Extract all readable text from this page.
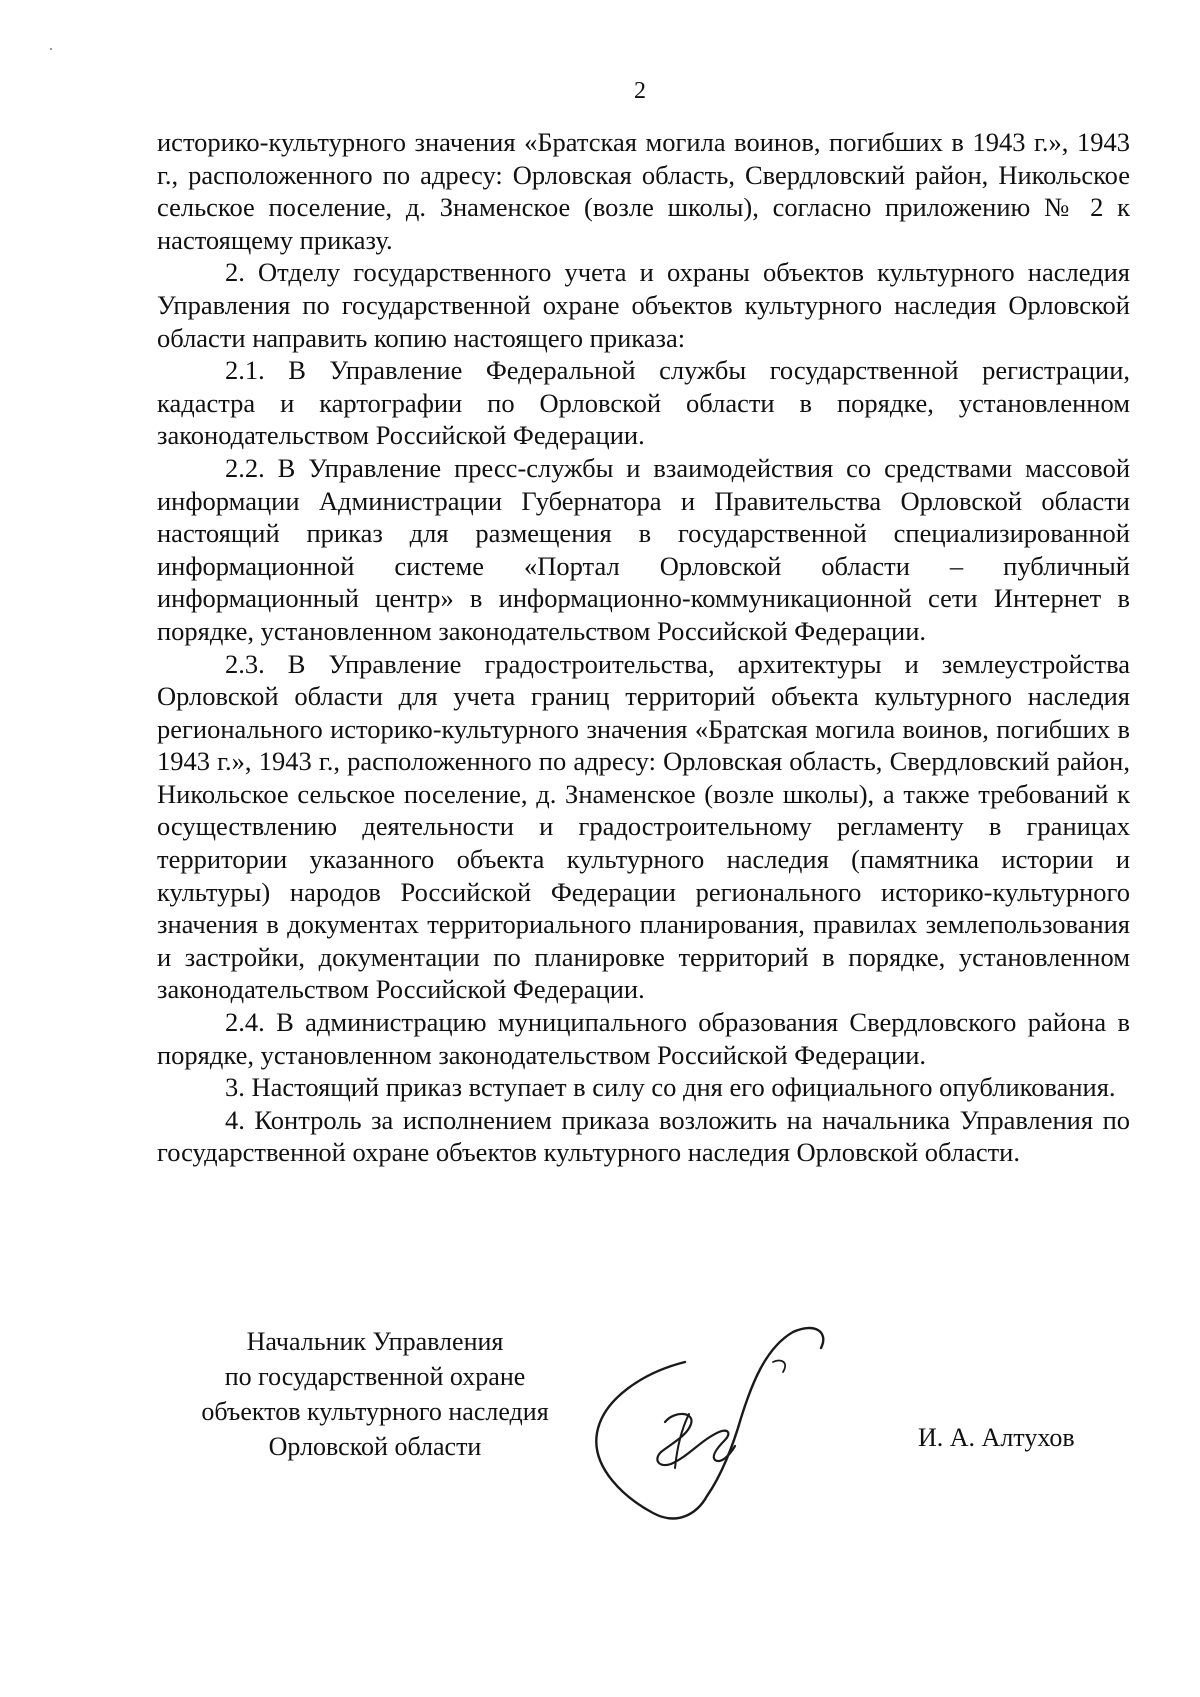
2

историко-культурного значения «Братская могила воинов, погибших в 1943 г.», 1943 г., расположенного по адресу: Орловская область, Свердловский район, Никольское сельское поселение, д. Знаменское (возле школы), согласно приложению № 2 к настоящему приказу.

2. Отделу государственного учета и охраны объектов культурного наследия Управления по государственной охране объектов культурного наследия Орловской области направить копию настоящего приказа:

2.1. В Управление Федеральной службы государственной регистрации, кадастра и картографии по Орловской области в порядке, установленном законодательством Российской Федерации.

2.2. В Управление пресс-службы и взаимодействия со средствами массовой информации Администрации Губернатора и Правительства Орловской области настоящий приказ для размещения в государственной специализированной информационной системе «Портал Орловской области – публичный информационный центр» в информационно-коммуникационной сети Интернет в порядке, установленном законодательством Российской Федерации.

2.3. В Управление градостроительства, архитектуры и землеустройства Орловской области для учета границ территорий объекта культурного наследия регионального историко-культурного значения «Братская могила воинов, погибших в 1943 г.», 1943 г., расположенного по адресу: Орловская область, Свердловский район, Никольское сельское поселение, д. Знаменское (возле школы), а также требований к осуществлению деятельности и градостроительному регламенту в границах территории указанного объекта культурного наследия (памятника истории и культуры) народов Российской Федерации регионального историко-культурного значения в документах территориального планирования, правилах землепользования и застройки, документации по планировке территорий в порядке, установленном законодательством Российской Федерации.

2.4. В администрацию муниципального образования Свердловского района в порядке, установленном законодательством Российской Федерации.

3. Настоящий приказ вступает в силу со дня его официального опубликования.

4. Контроль за исполнением приказа возложить на начальника Управления по государственной охране объектов культурного наследия Орловской области.

Начальник Управления
по государственной охране
объектов культурного наследия
Орловской области	И. А. Алтухов
